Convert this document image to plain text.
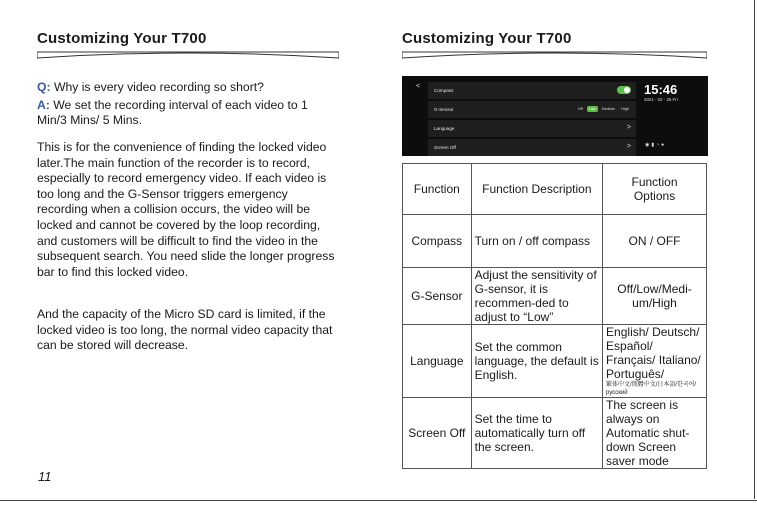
Customizing Your T700
Q: Why is every video recording so short?
A: We set the recording interval of each video to 1
Min/3 Mins/ 5 Mins.
This is for the convenience of finding the locked video later.The main function of the recorder is to record, especially to record emergency video. If each video is too long and the G-Sensor triggers emergency recording when a collision occurs, the video will be locked and cannot be covered by the loop recording, and customers will be difficult to find the video in the subsequent search. You need slide the longer progress bar to find this locked video.
And the capacity of the Micro SD card is limited, if the locked video is too long, the normal video capacity that can be stored will decrease.
11
Customizing Your T700
<
Compass
G-Sensor	Off	Low	Medium	High
Language	>
Screen Off	>
15:46
2021 · 02 · 25 Fri
◉▮◔●
Function	Function Description	Function Options
Compass	Turn on / off compass	ON / OFF
G-Sensor	Adjust the sensitivity of G-sensor, it is recommen-ded to adjust to “Low”	Off/Low/Medi-um/High
Language	Set the common language, the default is English.	English/ Deutsch/ Español/ Français/ Italiano/ Português/
繁体中文/簡體中文/日本語/한국어/русский

Screen Off	Set the time to automatically turn off the screen.	The screen is always on Automatic shut-down Screen saver mode
